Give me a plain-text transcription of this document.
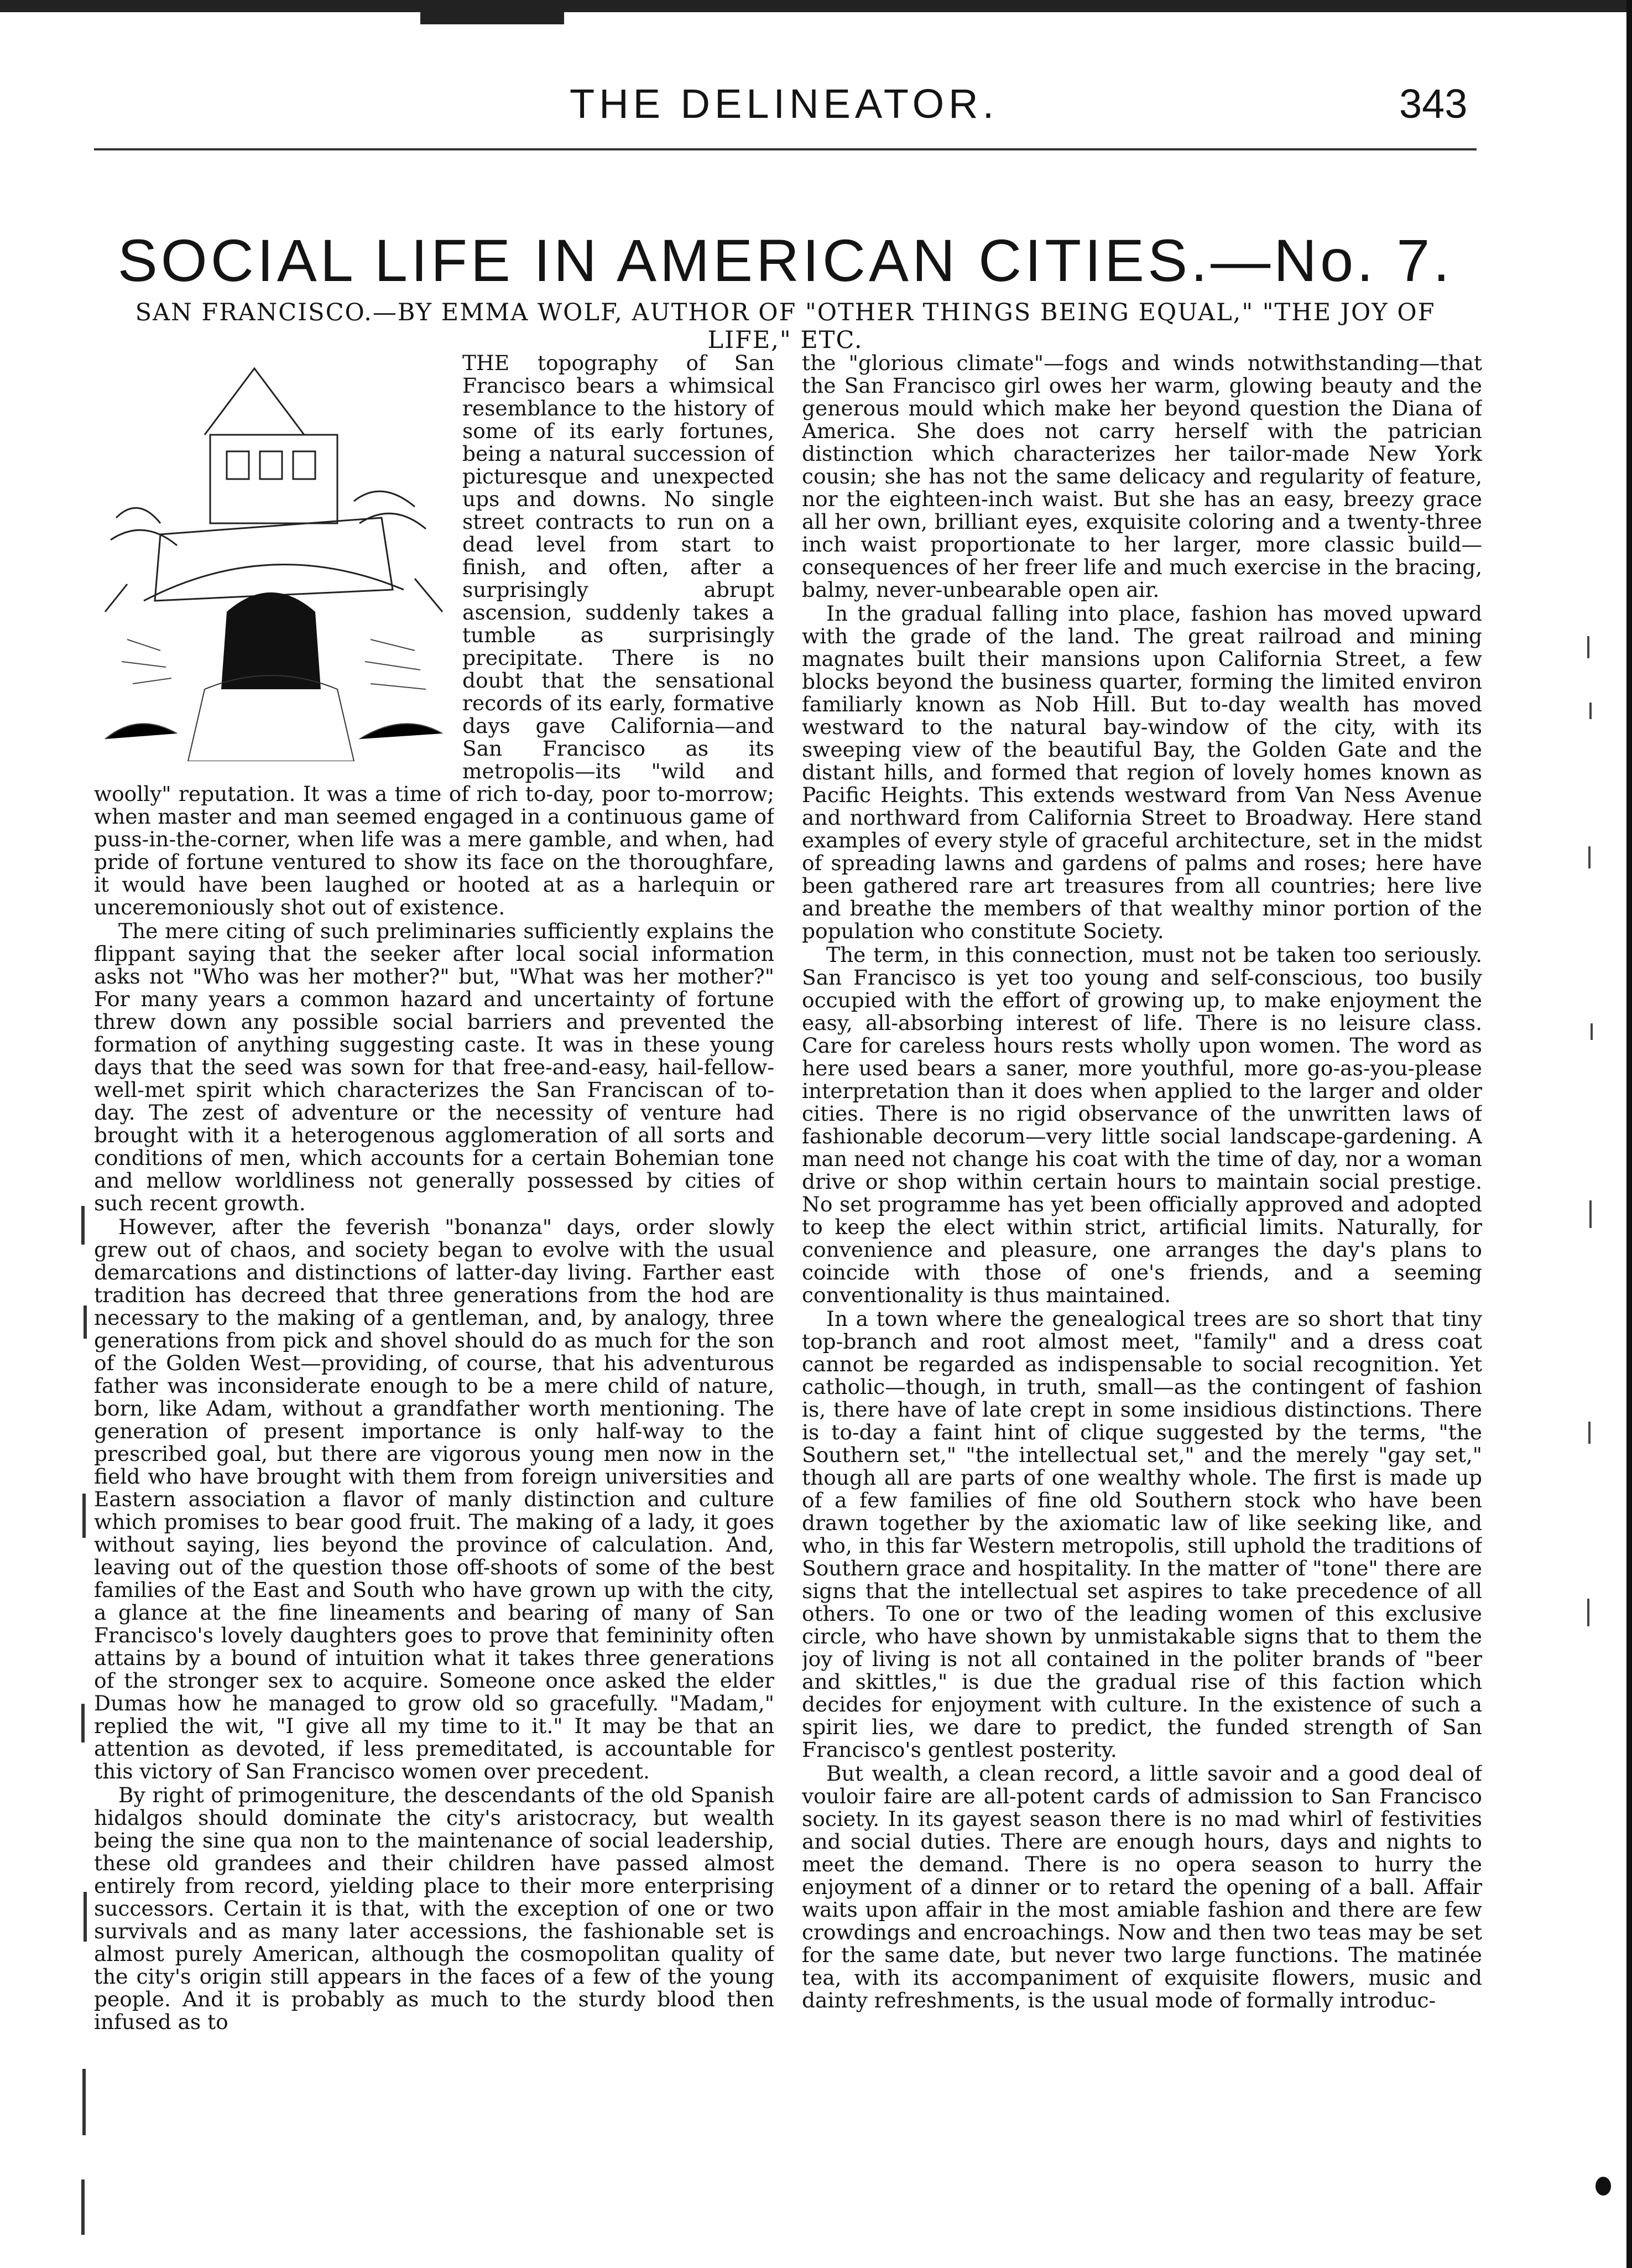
THE DELINEATOR.	343
SOCIAL LIFE IN AMERICAN CITIES.—No. 7.
SAN FRANCISCO.—BY EMMA WOLF, AUTHOR OF "OTHER THINGS BEING EQUAL," "THE JOY OF LIFE," ETC.

THE topography of San Francisco bears a whimsical resemblance to the history of some of its early fortunes, being a natural succession of picturesque and unexpected ups and downs. No single street contracts to run on a dead level from start to finish, and often, after a surprisingly abrupt ascension, suddenly takes a tumble as surprisingly precipitate. There is no doubt that the sensational records of its early, formative days gave California—and San Francisco as its metropolis—its "wild and woolly" reputation. It was a time of rich to-day, poor to-morrow; when master and man seemed engaged in a continuous game of puss-in-the-corner, when life was a mere gamble, and when, had pride of fortune ventured to show its face on the thoroughfare, it would have been laughed or hooted at as a harlequin or unceremoniously shot out of existence.

The mere citing of such preliminaries sufficiently explains the flippant saying that the seeker after local social information asks not "Who was her mother?" but, "What was her mother?" For many years a common hazard and uncertainty of fortune threw down any possible social barriers and prevented the formation of anything suggesting caste. It was in these young days that the seed was sown for that free-and-easy, hail-fellow-well-met spirit which characterizes the San Franciscan of to-day. The zest of adventure or the necessity of venture had brought with it a heterogenous agglomeration of all sorts and conditions of men, which accounts for a certain Bohemian tone and mellow worldliness not generally possessed by cities of such recent growth.

However, after the feverish "bonanza" days, order slowly grew out of chaos, and society began to evolve with the usual demarcations and distinctions of latter-day living. Farther east tradition has decreed that three generations from the hod are necessary to the making of a gentleman, and, by analogy, three generations from pick and shovel should do as much for the son of the Golden West—providing, of course, that his adventurous father was inconsiderate enough to be a mere child of nature, born, like Adam, without a grandfather worth mentioning. The generation of present importance is only half-way to the prescribed goal, but there are vigorous young men now in the field who have brought with them from foreign universities and Eastern association a flavor of manly distinction and culture which promises to bear good fruit. The making of a lady, it goes without saying, lies beyond the province of calculation. And, leaving out of the question those off-shoots of some of the best families of the East and South who have grown up with the city, a glance at the fine lineaments and bearing of many of San Francisco's lovely daughters goes to prove that femininity often attains by a bound of intuition what it takes three generations of the stronger sex to acquire. Someone once asked the elder Dumas how he managed to grow old so gracefully. "Madam," replied the wit, "I give all my time to it." It may be that an attention as devoted, if less premeditated, is accountable for this victory of San Francisco women over precedent.

By right of primogeniture, the descendants of the old Spanish hidalgos should dominate the city's aristocracy, but wealth being the sine qua non to the maintenance of social leadership, these old grandees and their children have passed almost entirely from record, yielding place to their more enterprising successors. Certain it is that, with the exception of one or two survivals and as many later accessions, the fashionable set is almost purely American, although the cosmopolitan quality of the city's origin still appears in the faces of a few of the young people. And it is probably as much to the sturdy blood then infused as to

the "glorious climate"—fogs and winds notwithstanding—that the San Francisco girl owes her warm, glowing beauty and the generous mould which make her beyond question the Diana of America. She does not carry herself with the patrician distinction which characterizes her tailor-made New York cousin; she has not the same delicacy and regularity of feature, nor the eighteen-inch waist. But she has an easy, breezy grace all her own, brilliant eyes, exquisite coloring and a twenty-three inch waist proportionate to her larger, more classic build—consequences of her freer life and much exercise in the bracing, balmy, never-unbearable open air.

In the gradual falling into place, fashion has moved upward with the grade of the land. The great railroad and mining magnates built their mansions upon California Street, a few blocks beyond the business quarter, forming the limited environ familiarly known as Nob Hill. But to-day wealth has moved westward to the natural bay-window of the city, with its sweeping view of the beautiful Bay, the Golden Gate and the distant hills, and formed that region of lovely homes known as Pacific Heights. This extends westward from Van Ness Avenue and northward from California Street to Broadway. Here stand examples of every style of graceful architecture, set in the midst of spreading lawns and gardens of palms and roses; here have been gathered rare art treasures from all countries; here live and breathe the members of that wealthy minor portion of the population who constitute Society.

The term, in this connection, must not be taken too seriously. San Francisco is yet too young and self-conscious, too busily occupied with the effort of growing up, to make enjoyment the easy, all-absorbing interest of life. There is no leisure class. Care for careless hours rests wholly upon women. The word as here used bears a saner, more youthful, more go-as-you-please interpretation than it does when applied to the larger and older cities. There is no rigid observance of the unwritten laws of fashionable decorum—very little social landscape-gardening. A man need not change his coat with the time of day, nor a woman drive or shop within certain hours to maintain social prestige. No set programme has yet been officially approved and adopted to keep the elect within strict, artificial limits. Naturally, for convenience and pleasure, one arranges the day's plans to coincide with those of one's friends, and a seeming conventionality is thus maintained.

In a town where the genealogical trees are so short that tiny top-branch and root almost meet, "family" and a dress coat cannot be regarded as indispensable to social recognition. Yet catholic—though, in truth, small—as the contingent of fashion is, there have of late crept in some insidious distinctions. There is to-day a faint hint of clique suggested by the terms, "the Southern set," "the intellectual set," and the merely "gay set," though all are parts of one wealthy whole. The first is made up of a few families of fine old Southern stock who have been drawn together by the axiomatic law of like seeking like, and who, in this far Western metropolis, still uphold the traditions of Southern grace and hospitality. In the matter of "tone" there are signs that the intellectual set aspires to take precedence of all others. To one or two of the leading women of this exclusive circle, who have shown by unmistakable signs that to them the joy of living is not all contained in the politer brands of "beer and skittles," is due the gradual rise of this faction which decides for enjoyment with culture. In the existence of such a spirit lies, we dare to predict, the funded strength of San Francisco's gentlest posterity.

But wealth, a clean record, a little savoir and a good deal of vouloir faire are all-potent cards of admission to San Francisco society. In its gayest season there is no mad whirl of festivities and social duties. There are enough hours, days and nights to meet the demand. There is no opera season to hurry the enjoyment of a dinner or to retard the opening of a ball. Affair waits upon affair in the most amiable fashion and there are few crowdings and encroachings. Now and then two teas may be set for the same date, but never two large functions. The matinée tea, with its accompaniment of exquisite flowers, music and dainty refreshments, is the usual mode of formally introduc-
